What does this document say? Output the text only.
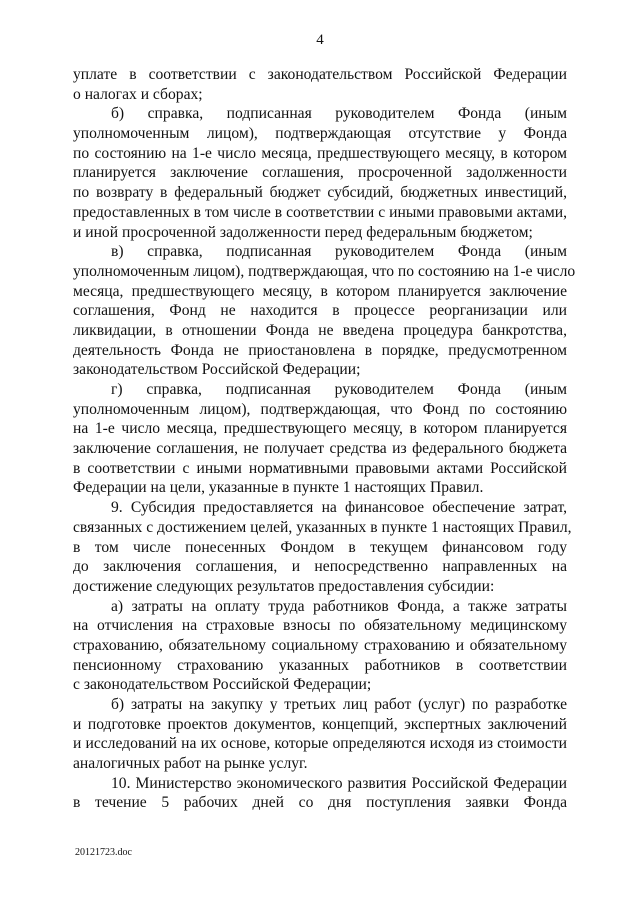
4
уплате в соответствии с законодательством Российской Федерации
о налогах и сборах;
б) справка, подписанная руководителем Фонда (иным
уполномоченным лицом), подтверждающая отсутствие у Фонда
по состоянию на 1-е число месяца, предшествующего месяцу, в котором
планируется заключение соглашения, просроченной задолженности
по возврату в федеральный бюджет субсидий, бюджетных инвестиций,
предоставленных в том числе в соответствии с иными правовыми актами,
и иной просроченной задолженности перед федеральным бюджетом;
в) справка, подписанная руководителем Фонда (иным
уполномоченным лицом), подтверждающая, что по состоянию на 1-е число
месяца, предшествующего месяцу, в котором планируется заключение
соглашения, Фонд не находится в процессе реорганизации или
ликвидации, в отношении Фонда не введена процедура банкротства,
деятельность Фонда не приостановлена в порядке, предусмотренном
законодательством Российской Федерации;
г) справка, подписанная руководителем Фонда (иным
уполномоченным лицом), подтверждающая, что Фонд по состоянию
на 1-е число месяца, предшествующего месяцу, в котором планируется
заключение соглашения, не получает средства из федерального бюджета
в соответствии с иными нормативными правовыми актами Российской
Федерации на цели, указанные в пункте 1 настоящих Правил.
9. Субсидия предоставляется на финансовое обеспечение затрат,
связанных с достижением целей, указанных в пункте 1 настоящих Правил,
в том числе понесенных Фондом в текущем финансовом году
до заключения соглашения, и непосредственно направленных на
достижение следующих результатов предоставления субсидии:
а) затраты на оплату труда работников Фонда, а также затраты
на отчисления на страховые взносы по обязательному медицинскому
страхованию, обязательному социальному страхованию и обязательному
пенсионному страхованию указанных работников в соответствии
с законодательством Российской Федерации;
б) затраты на закупку у третьих лиц работ (услуг) по разработке
и подготовке проектов документов, концепций, экспертных заключений
и исследований на их основе, которые определяются исходя из стоимости
аналогичных работ на рынке услуг.
10. Министерство экономического развития Российской Федерации
в течение 5 рабочих дней со дня поступления заявки Фонда
20121723.doc
